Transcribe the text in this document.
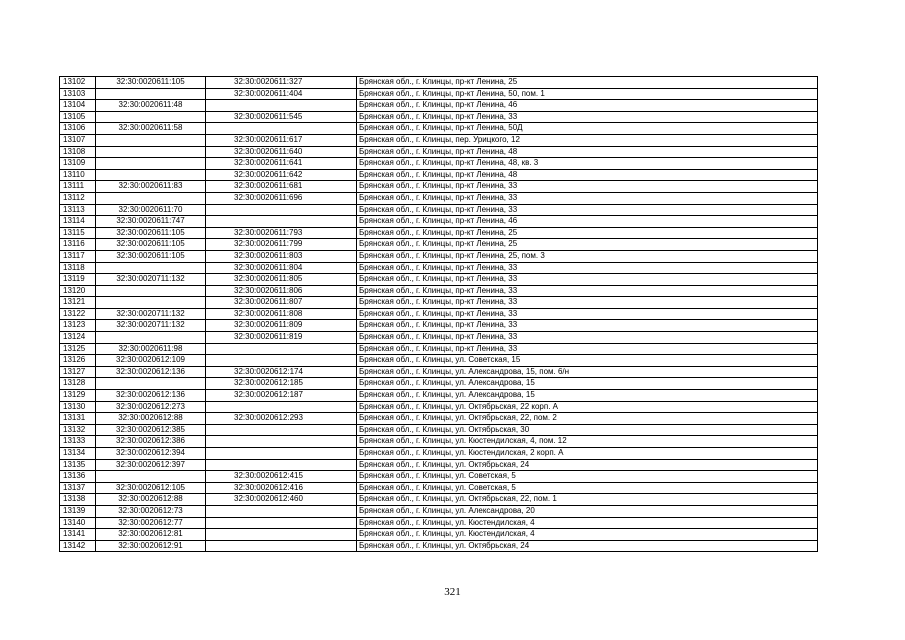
13102	32:30:0020611:105	32:30:0020611:327	Брянская обл., г. Клинцы, пр-кт Ленина, 25
13103		32:30:0020611:404	Брянская обл., г. Клинцы, пр-кт Ленина, 50, пом. 1
13104	32:30:0020611:48		Брянская обл., г. Клинцы, пр-кт Ленина, 46
13105		32:30:0020611:545	Брянская обл., г. Клинцы, пр-кт Ленина, 33
13106	32:30:0020611:58		Брянская обл., г. Клинцы, пр-кт Ленина, 50Д
13107		32:30:0020611:617	Брянская обл., г. Клинцы, пер. Урицкого, 12
13108		32:30:0020611:640	Брянская обл., г. Клинцы, пр-кт Ленина, 48
13109		32:30:0020611:641	Брянская обл., г. Клинцы, пр-кт Ленина, 48, кв. 3
13110		32:30:0020611:642	Брянская обл., г. Клинцы, пр-кт Ленина, 48
13111	32:30:0020611:83	32:30:0020611:681	Брянская обл., г. Клинцы, пр-кт Ленина, 33
13112		32:30:0020611:696	Брянская обл., г. Клинцы, пр-кт Ленина, 33
13113	32:30:0020611:70		Брянская обл., г. Клинцы, пр-кт Ленина, 33
13114	32:30:0020611:747		Брянская обл., г. Клинцы, пр-кт Ленина, 46
13115	32:30:0020611:105	32:30:0020611:793	Брянская обл., г. Клинцы, пр-кт Ленина, 25
13116	32:30:0020611:105	32:30:0020611:799	Брянская обл., г. Клинцы, пр-кт Ленина, 25
13117	32:30:0020611:105	32:30:0020611:803	Брянская обл., г. Клинцы, пр-кт Ленина, 25, пом. 3
13118		32:30:0020611:804	Брянская обл., г. Клинцы, пр-кт Ленина, 33
13119	32:30:0020711:132	32:30:0020611:805	Брянская обл., г. Клинцы, пр-кт Ленина, 33
13120		32:30:0020611:806	Брянская обл., г. Клинцы, пр-кт Ленина, 33
13121		32:30:0020611:807	Брянская обл., г. Клинцы, пр-кт Ленина, 33
13122	32:30:0020711:132	32:30:0020611:808	Брянская обл., г. Клинцы, пр-кт Ленина, 33
13123	32:30:0020711:132	32:30:0020611:809	Брянская обл., г. Клинцы, пр-кт Ленина, 33
13124		32:30:0020611:819	Брянская обл., г. Клинцы, пр-кт Ленина, 33
13125	32:30:0020611:98		Брянская обл., г. Клинцы, пр-кт Ленина, 33
13126	32:30:0020612:109		Брянская обл., г. Клинцы, ул. Советская, 15
13127	32:30:0020612:136	32:30:0020612:174	Брянская обл., г. Клинцы, ул. Александрова, 15, пом. 6/н
13128		32:30:0020612:185	Брянская обл., г. Клинцы, ул. Александрова, 15
13129	32:30:0020612:136	32:30:0020612:187	Брянская обл., г. Клинцы, ул. Александрова, 15
13130	32:30:0020612:273		Брянская обл., г. Клинцы, ул. Октябрьская, 22 корп. А
13131	32:30:0020612:88	32:30:0020612:293	Брянская обл., г. Клинцы, ул. Октябрьская, 22, пом. 2
13132	32:30:0020612:385		Брянская обл., г. Клинцы, ул. Октябрьская, 30
13133	32:30:0020612:386		Брянская обл., г. Клинцы, ул. Кюстендилская, 4, пом. 12
13134	32:30:0020612:394		Брянская обл., г. Клинцы, ул. Кюстендилская, 2 корп. А
13135	32:30:0020612:397		Брянская обл., г. Клинцы, ул. Октябрьская, 24
13136		32:30:0020612:415	Брянская обл., г. Клинцы, ул. Советская, 5
13137	32:30:0020612:105	32:30:0020612:416	Брянская обл., г. Клинцы, ул. Советская, 5
13138	32:30:0020612:88	32:30:0020612:460	Брянская обл., г. Клинцы, ул. Октябрьская, 22, пом. 1
13139	32:30:0020612:73		Брянская обл., г. Клинцы, ул. Александрова, 20
13140	32:30:0020612:77		Брянская обл., г. Клинцы, ул. Кюстендилская, 4
13141	32:30:0020612:81		Брянская обл., г. Клинцы, ул. Кюстендилская, 4
13142	32:30:0020612:91		Брянская обл., г. Клинцы, ул. Октябрьская, 24
321
